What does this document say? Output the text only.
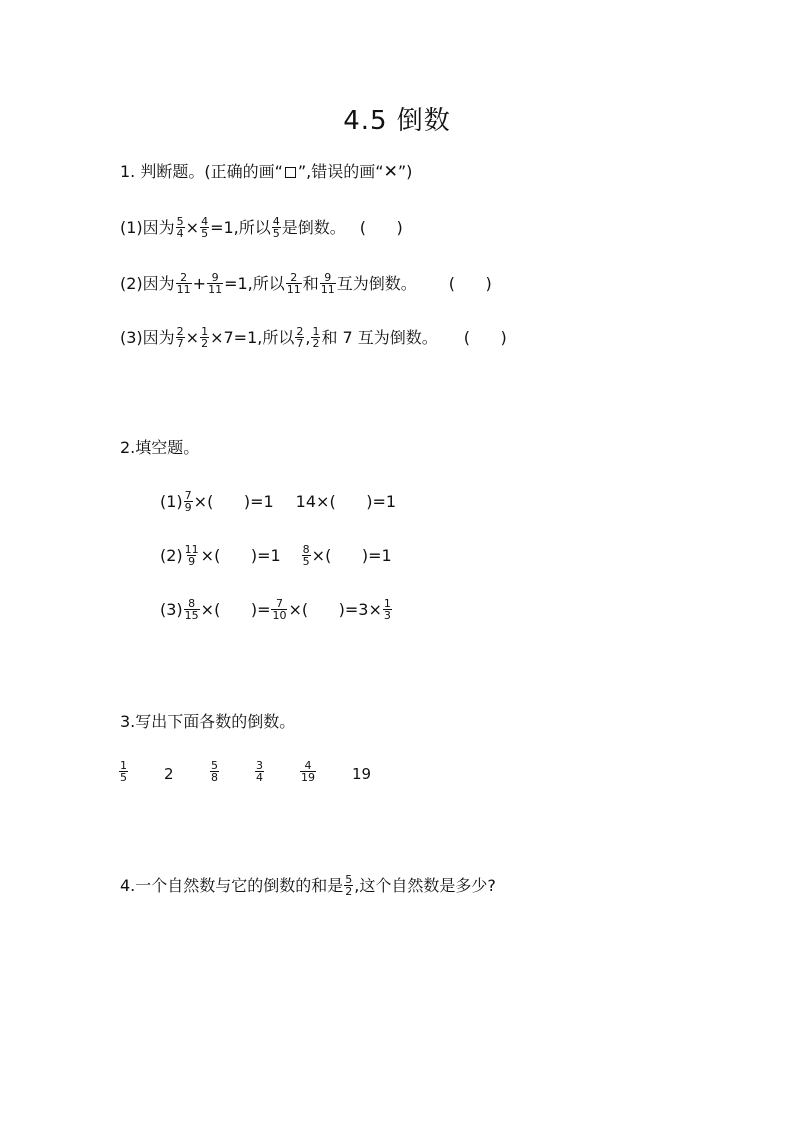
4.5 倒数
1. 判断题。(正确的画“ ”,错误的画“ ✕ ”)
(1)因为 $\frac{5}{4} \times \frac{4}{5} =1$,所以 $\frac{4}{5}$ 是倒数。 (      )
(2)因为 $\frac{2}{11} + \frac{9}{11} =1$,所以 $\frac{2}{11}$ 和 $\frac{9}{11}$ 互为倒数。 (      )
(3)因为 $\frac{2}{7} \times \frac{1}{2} \times 7=1$,所以 $\frac{2}{7}$ , $\frac{1}{2}$ 和 7 互为倒数。 (      )
2.填空题。
$(1) \frac{7}{9}$ ×(      )=1 14×(      )=1
$(2) \frac{11}{9}$ ×(      )$=1 \frac{8}{5}$ ×(      )=1
$(3) \frac{8}{15}$ ×(      )= $\frac{7}{10}$ ×(      )$=3\times \frac{1}{3}$
3.写出下面各数的倒数。
$\frac{1}{5} 2$	$\frac{5}{8}$	$\frac{3}{4}$	$\frac{4}{19} 19$
4.一个自然数与它的倒数的和是 $\frac{5}{2}$ ,这个自然数是多少?
